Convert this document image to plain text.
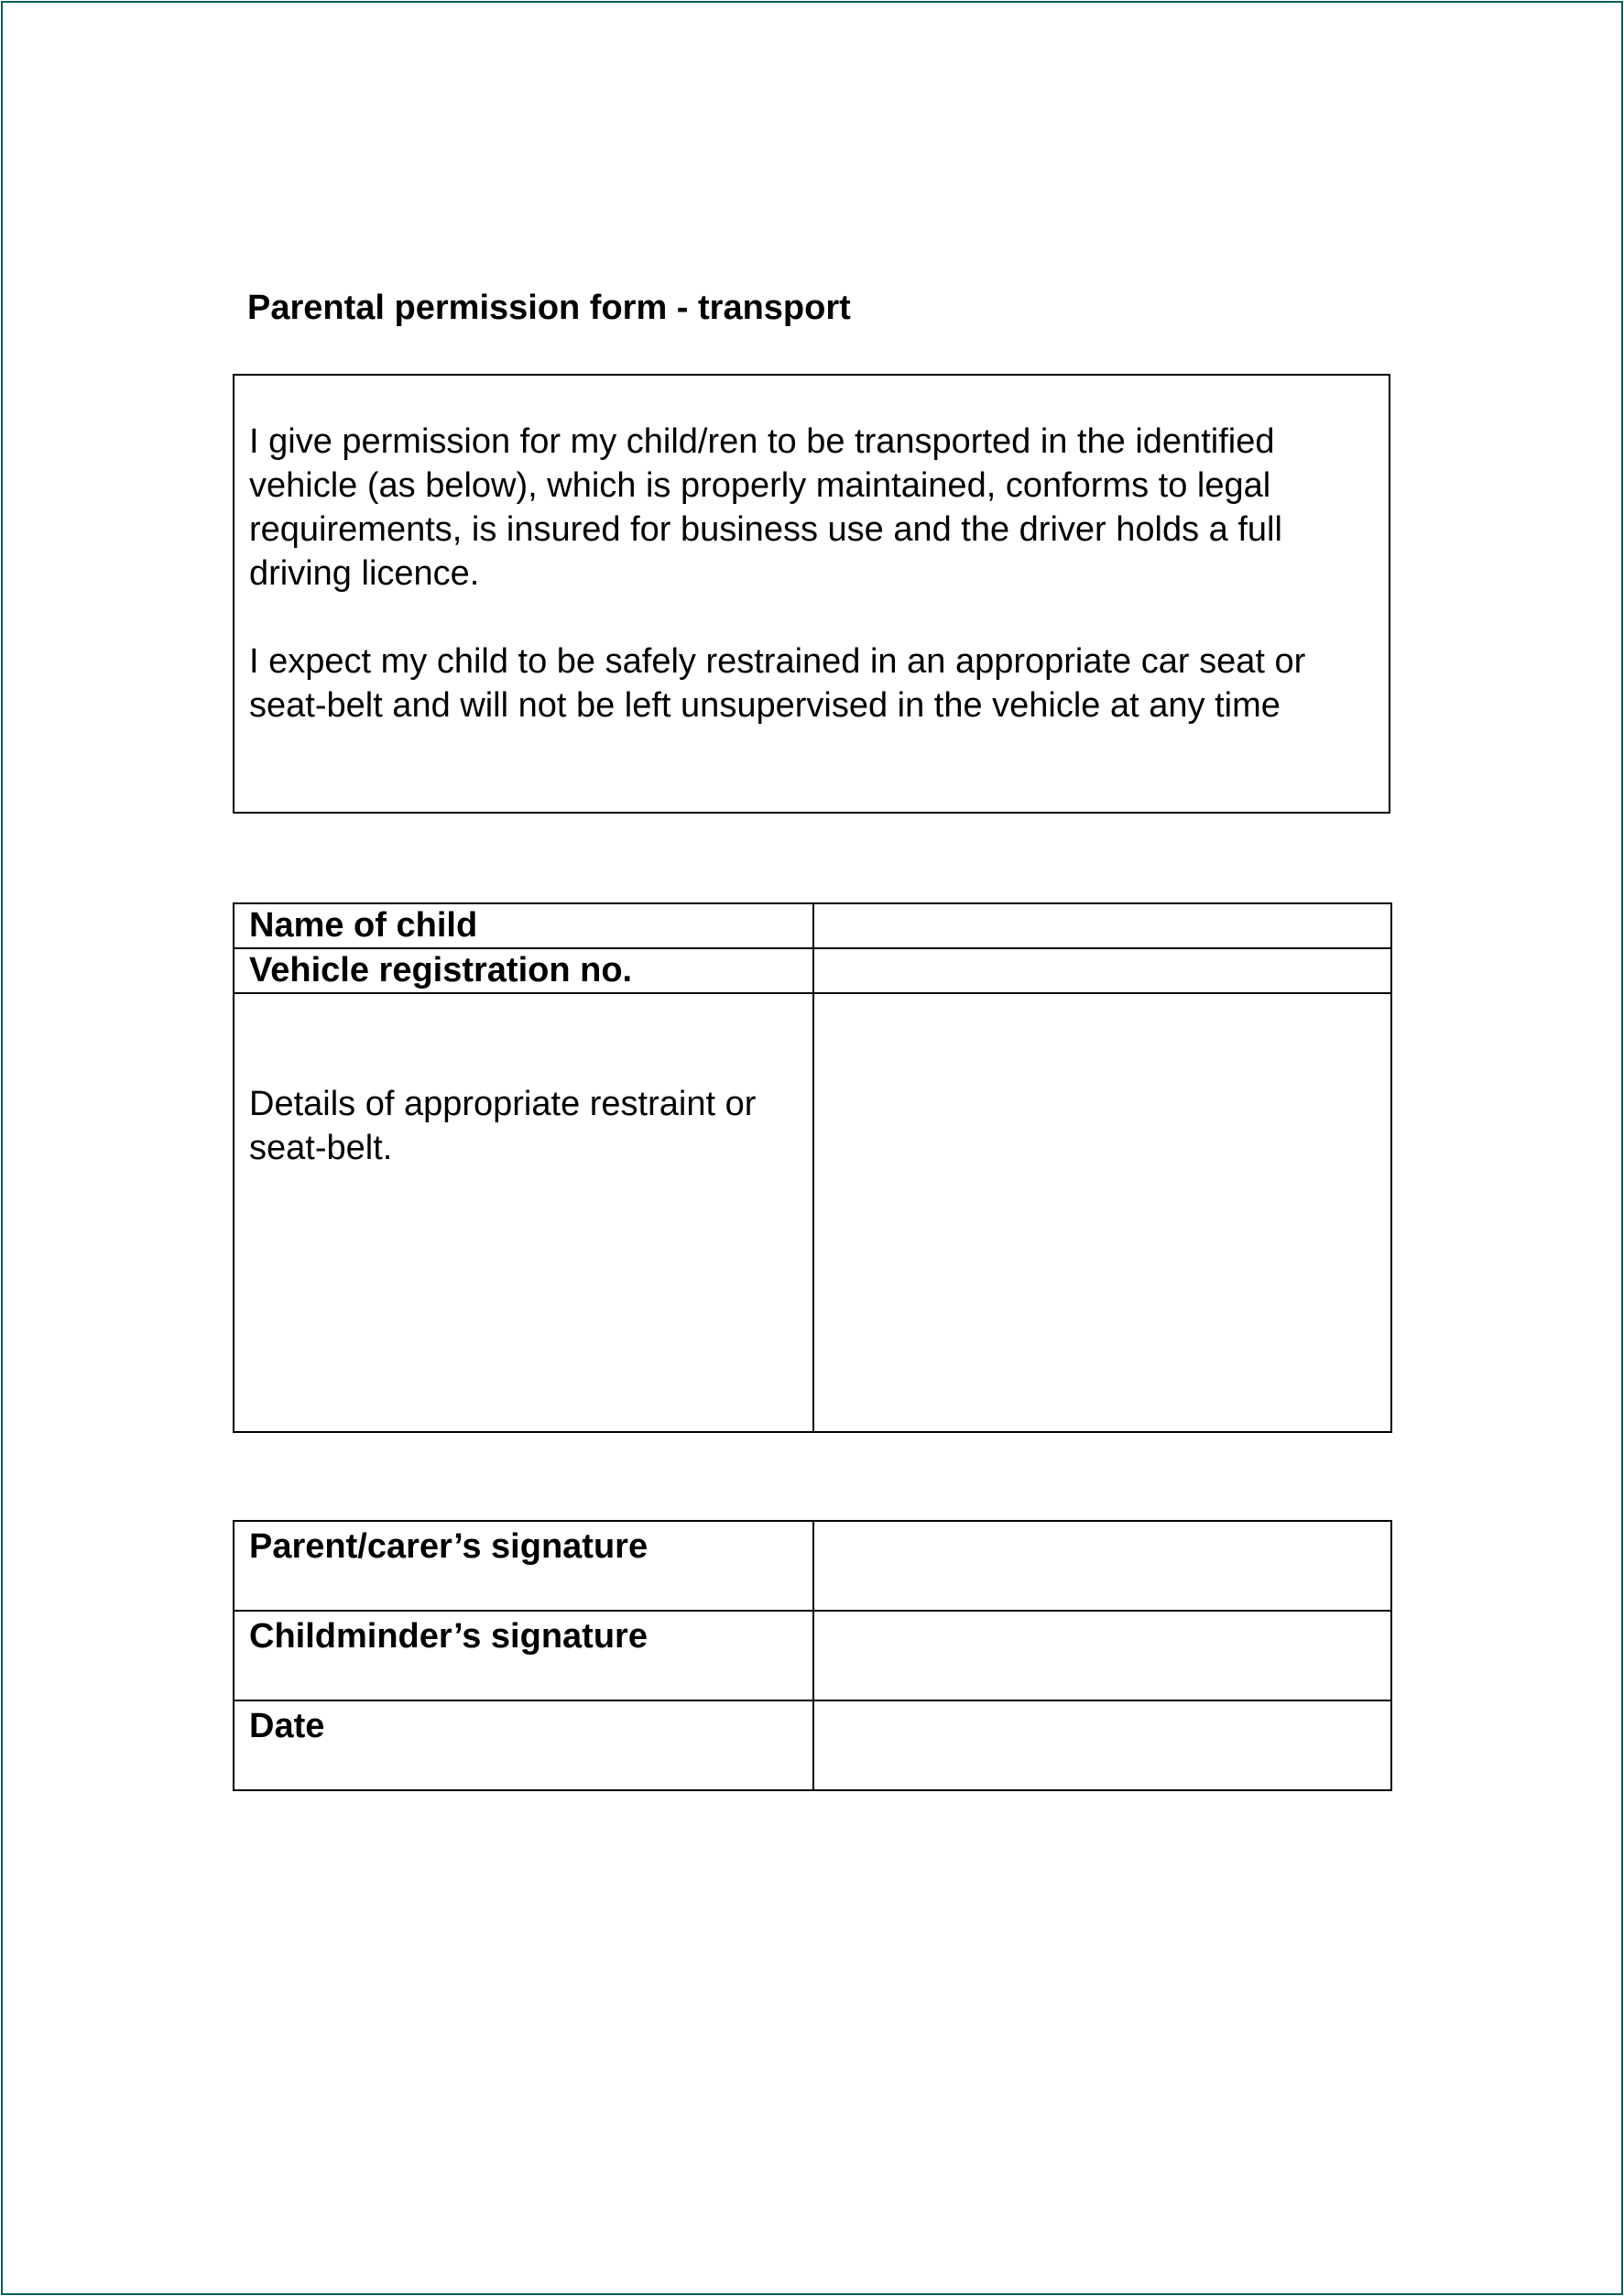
Parental permission form - transport

I give permission for my child/ren to be transported in the identified vehicle (as below), which is properly maintained, conforms to legal requirements, is insured for business use and the driver holds a full driving licence.

I expect my child to be safely restrained in an appropriate car seat or seat-belt and will not be left unsupervised in the vehicle at any time

Name of child	
Vehicle registration no.	
Details of appropriate restraint or seat-belt.	
Parent/carer’s signature	
Childminder’s signature	
Date	
